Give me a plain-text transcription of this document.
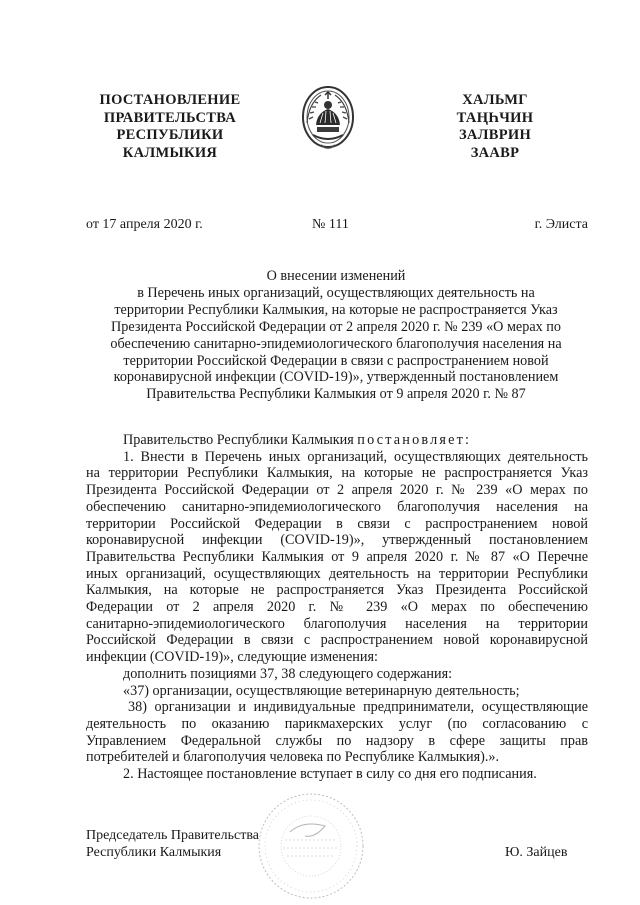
ПОСТАНОВЛЕНИЕ
ПРАВИТЕЛЬСТВА
РЕСПУБЛИКИ
КАЛМЫКИЯ
ХАЛЬМГ
ТАҢҺЧИН
ЗАЛВРИН
ЗААВР
от 17 апреля 2020 г.	№ 111	г. Элиста
О внесении изменений
в Перечень иных организаций, осуществляющих деятельность на
территории Республики Калмыкия, на которые не распространяется Указ
Президента Российской Федерации от 2 апреля 2020 г. № 239 «О мерах по
обеспечению санитарно-эпидемиологического благополучия населения на
территории Российской Федерации в связи с распространением новой
коронавирусной инфекции (COVID-19)», утвержденный постановлением
Правительства Республики Калмыкия от 9 апреля 2020 г. № 87
Правительство Республики Калмыкия постановляет:
1. Внести в Перечень иных организаций, осуществляющих деятельность
на территории Республики Калмыкия, на которые не распространяется Указ
Президента Российской Федерации от 2 апреля 2020 г. № 239 «О мерах по
обеспечению санитарно-эпидемиологического благополучия населения на
территории Российской Федерации в связи с распространением новой
коронавирусной инфекции (COVID-19)», утвержденный постановлением
Правительства Республики Калмыкия от 9 апреля 2020 г. № 87 «О Перечне
иных организаций, осуществляющих деятельность на территории Республики
Калмыкия, на которые не распространяется Указ Президента Российской
Федерации от 2 апреля 2020 г. № 239 «О мерах по обеспечению
санитарно-эпидемиологического благополучия населения на территории
Российской Федерации в связи с распространением новой коронавирусной
инфекции (COVID-19)», следующие изменения:
дополнить позициями 37, 38 следующего содержания:
«37) организации, осуществляющие ветеринарную деятельность;
38) организации и индивидуальные предприниматели, осуществляющие
деятельность по оказанию парикмахерских услуг (по согласованию с
Управлением Федеральной службы по надзору в сфере защиты прав
потребителей и благополучия человека по Республике Калмыкия).».
2. Настоящее постановление вступает в силу со дня его подписания.
Председатель Правительства
Республики Калмыкия	Ю. Зайцев
